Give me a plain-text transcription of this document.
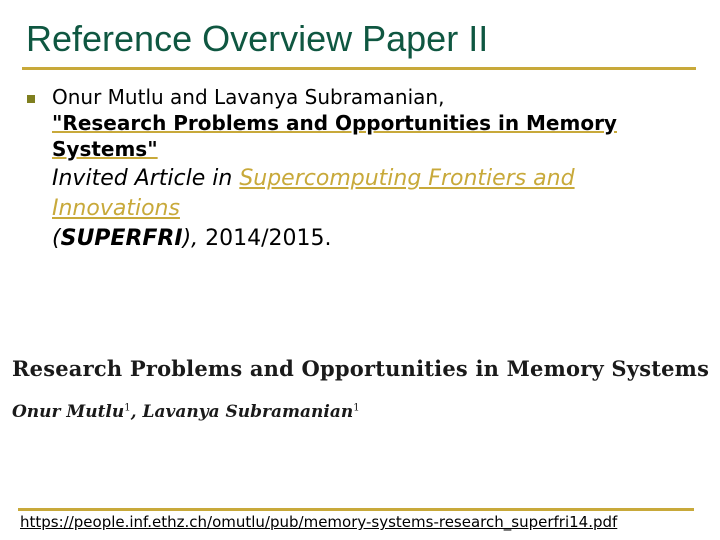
Reference Overview Paper II
Onur Mutlu and Lavanya Subramanian,
"Research Problems and Opportunities in Memory Systems"
Invited Article in Supercomputing Frontiers and Innovations
(SUPERFRI), 2014/2015.
Research Problems and Opportunities in Memory Systems
Onur Mutlu$^1$, Lavanya Subramanian$^1$
https://people.inf.ethz.ch/omutlu/pub/memory-systems-research_superfri14.pdf
